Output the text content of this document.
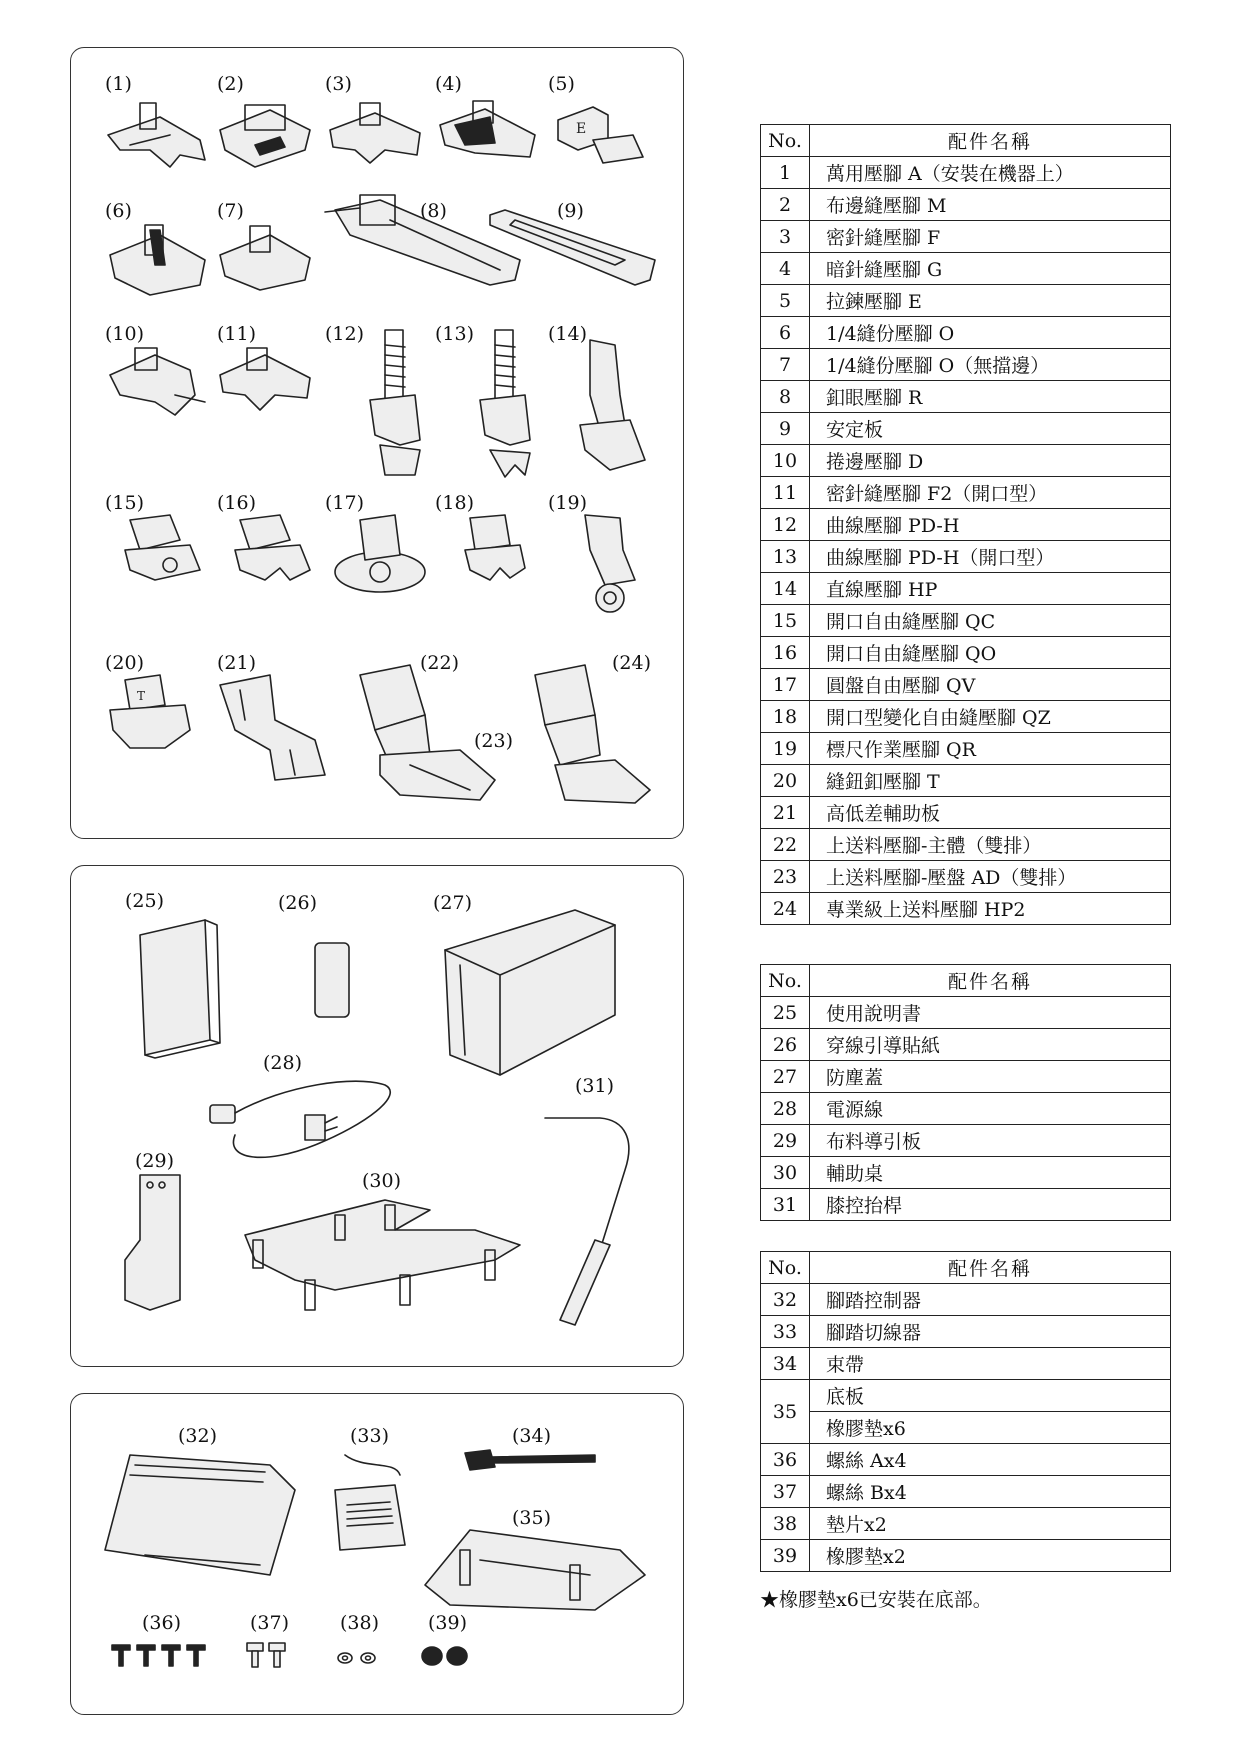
(1)	(2)	(3)	(4)	(5)
(6)	(7)	(8)	(9)
(10)	(11)	(12)	(13)	(14)
(15)	(16)	(17)	(18)	(19)
(20)	(21)	(22)
(23)
(24)
E
T
(25)	(26)	(27)
(28)
(29)
(30)
(31)
(32)	(33)	(34)
(35)
(36)	(37)	(38)	(39)
No.	配件名稱
1	萬用壓腳 A（安裝在機器上）
2	布邊縫壓腳 M
3	密針縫壓腳 F
4	暗針縫壓腳 G
5	拉鍊壓腳 E
6	1/4縫份壓腳 O
7	1/4縫份壓腳 O（無擋邊）
8	釦眼壓腳 R
9	安定板
10	捲邊壓腳 D
11	密針縫壓腳 F2（開口型）
12	曲線壓腳 PD-H
13	曲線壓腳 PD-H（開口型）
14	直線壓腳 HP
15	開口自由縫壓腳 QC
16	開口自由縫壓腳 QO
17	圓盤自由壓腳 QV
18	開口型變化自由縫壓腳 QZ
19	標尺作業壓腳 QR
20	縫鈕釦壓腳 T
21	高低差輔助板
22	上送料壓腳-主體（雙排）
23	上送料壓腳-壓盤 AD（雙排）
24	專業級上送料壓腳 HP2
No.	配件名稱
25	使用說明書
26	穿線引導貼紙
27	防塵蓋
28	電源線
29	布料導引板
30	輔助桌
31	膝控抬桿
No.	配件名稱
32	腳踏控制器
33	腳踏切線器
34	束帶
35	底板
	橡膠墊x6
36	螺絲 Ax4
37	螺絲 Bx4
38	墊片x2
39	橡膠墊x2
★橡膠墊x6已安裝在底部。
